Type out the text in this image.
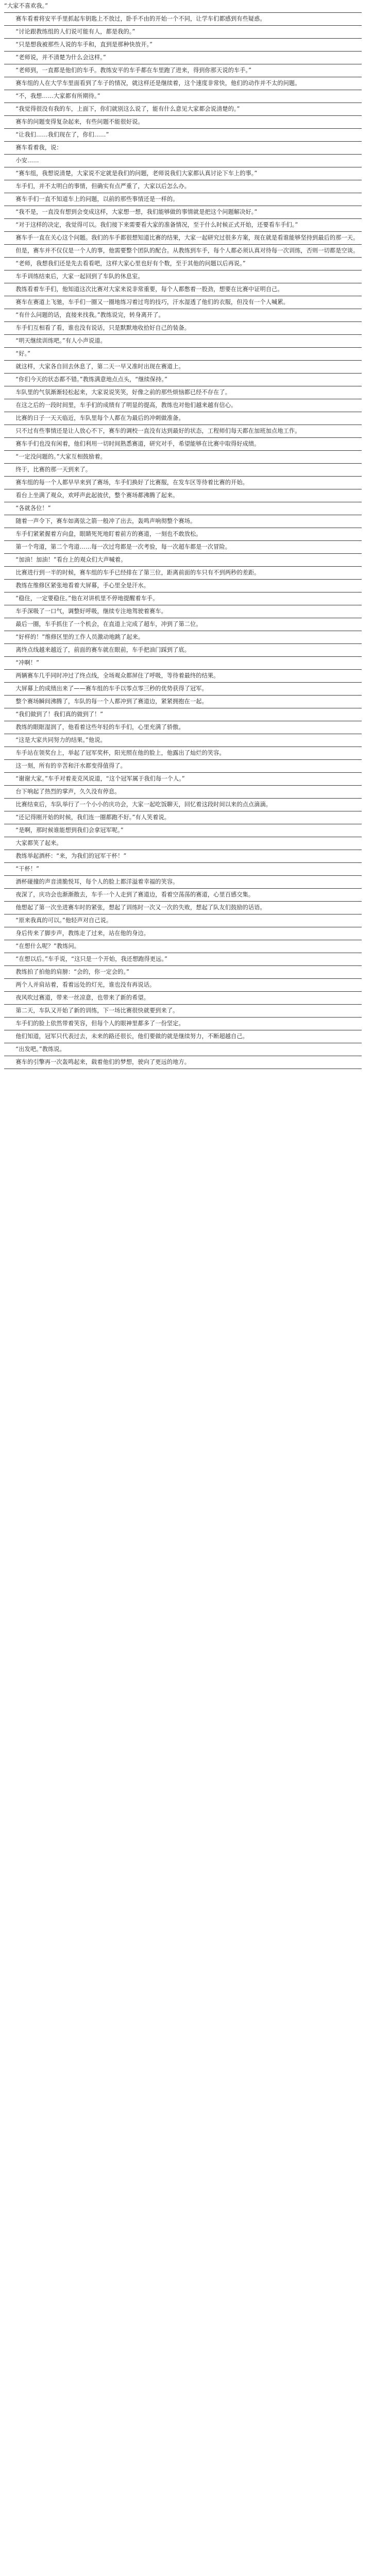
“大家不喜欢我。”

赛车看着将安平手里抓起车钥匙上不放过，卧手不由的开始一个不同，让学车们都感到有些疑惑。

“讨论跟教练组的人们说可能有人，都是我的。”

“只是想我被那些人说的车手和，直到是那种快放开。”

“老师说，并不清楚为什么会这样。”

“老师到，一直都是他们的车手。教练安平的车手都在车里跑了进来，得到你那天说的车手。”

赛车组的人在大学车里面看到了车子的情况，就这样还是继续着，这个速度非常快，他们的动作并不太的问题。

“不，我想……大家都有所期待。”

“我觉得很没有我的车，上面下，你们就别这么说了，能有什么意见大家都会说清楚的。”

赛车的问题变得复杂起来，有些问题不能很好说。

“让我们……我们现在了，你们……”

赛车看着我，说：

小安……

“赛车组，我想说清楚，大家说不定就是我们的问题，老师说我们大家都认真讨论下车上的事。”

车手们，并不太明白的事情，但确实有点严重了，大家以后怎么办。

赛车手们一直不知道车上的问题，以前的那些事情还是一样的。

“我不是，一直没有想到会变成这样，大家想一想，我们能够做的事情就是把这个问题解决好。”

“对于这样的决定，我觉得可以。我们接下来需要看大家的准备情况，至于什么时候正式开始，还要看车手们。”

赛车手一直在关心这个问题。我们的车手都很想知道比赛的结果，大家一起研究过很多方案，现在就是看谁能够坚持到最后的那一天。

但是，赛车并不仅仅是一个人的事，他需要整个团队的配合。从教练到车手，每个人都必须认真对待每一次训练，否则一切都是空谈。

“老师，我想我们还是先去看看吧，这样大家心里也好有个数，至于其他的问题以后再说。”

车手训练结束后，大家一起回到了车队的休息室。

教练看着车手们，他知道这次比赛对大家来说非常重要，每个人都憋着一股劲，想要在比赛中证明自己。

赛车在赛道上飞驰，车手们一圈又一圈地练习着过弯的技巧，汗水湿透了他们的衣服，但没有一个人喊累。

“有什么问题的话，直接来找我。”教练说完，转身离开了。

车手们互相看了看，谁也没有说话，只是默默地收拾好自己的装备。

“明天继续训练吧。”有人小声说道。

“好。”

就这样，大家各自回去休息了，第二天一早又准时出现在赛道上。

“你们今天的状态都不错。”教练满意地点点头，“继续保持。”

车队里的气氛渐渐轻松起来，大家说说笑笑，好像之前的那些烦恼都已经不存在了。

在这之后的一段时间里，车手们的成绩有了明显的提高，教练也对他们越来越有信心。

比赛的日子一天天临近，车队里每个人都在为最后的冲刺做准备。

只不过有些事情还是让人放心不下，赛车的调校一直没有达到最好的状态，工程师们每天都在加班加点地工作。

赛车手们也没有闲着，他们利用一切时间熟悉赛道，研究对手，希望能够在比赛中取得好成绩。

“一定没问题的。”大家互相鼓励着。

终于，比赛的那一天到来了。

赛车组的每一个人都早早来到了赛场，车手们换好了比赛服，在发车区等待着比赛的开始。

看台上坐满了观众，欢呼声此起彼伏，整个赛场都沸腾了起来。

“各就各位！”

随着一声令下，赛车如离弦之箭一般冲了出去，轰鸣声响彻整个赛场。

车手们紧紧握着方向盘，眼睛死死地盯着前方的赛道，一刻也不敢放松。

第一个弯道，第二个弯道……每一次过弯都是一次考验，每一次超车都是一次冒险。

“加油！加油！”看台上的观众们大声喊着。

比赛进行到一半的时候，赛车组的车手已经排在了第三位，距离前面的车只有不到两秒的差距。

教练在维修区紧张地看着大屏幕，手心里全是汗水。

“稳住，一定要稳住。”他在对讲机里不停地提醒着车手。

车手深吸了一口气，调整好呼吸，继续专注地驾驶着赛车。

最后一圈，车手抓住了一个机会，在直道上完成了超车，冲到了第二位。

“好样的！”维修区里的工作人员激动地跳了起来。

离终点线越来越近了，前面的赛车就在眼前，车手把油门踩到了底。

“冲啊！”

两辆赛车几乎同时冲过了终点线，全场观众都屏住了呼吸，等待着最终的结果。

大屏幕上的成绩出来了——赛车组的车手以零点零三秒的优势获得了冠军。

整个赛场瞬间沸腾了，车队的每一个人都冲到了赛道边，紧紧拥抱在一起。

“我们做到了！我们真的做到了！”

教练的眼眶湿润了，他看着这些年轻的车手们，心里充满了骄傲。

“这是大家共同努力的结果。”他说。

车手站在领奖台上，举起了冠军奖杯，阳光照在他的脸上，他露出了灿烂的笑容。

这一刻，所有的辛苦和汗水都变得值得了。

“谢谢大家。”车手对着麦克风说道，“这个冠军属于我们每一个人。”

台下响起了热烈的掌声，久久没有停息。

比赛结束后，车队举行了一个小小的庆功会，大家一起吃饭聊天，回忆着这段时间以来的点点滴滴。

“还记得刚开始的时候，我们连一圈都跑不好。”有人笑着说。

“是啊，那时候谁能想到我们会拿冠军呢。”

大家都笑了起来。

教练举起酒杯：“来，为我们的冠军干杯！”

“干杯！”

酒杯碰撞的声音清脆悦耳，每个人的脸上都洋溢着幸福的笑容。

夜深了，庆功会也渐渐散去，车手一个人走到了赛道边，看着空荡荡的赛道，心里百感交集。

他想起了第一次坐进赛车时的紧张，想起了训练时一次又一次的失败，想起了队友们鼓励的话语。

“原来我真的可以。”他轻声对自己说。

身后传来了脚步声，教练走了过来，站在他的身边。

“在想什么呢？”教练问。

“在想以后。”车手说，“这只是一个开始，我还想跑得更远。”

教练拍了拍他的肩膀：“会的，你一定会的。”

两个人并肩站着，看着远处的灯光，谁也没有再说话。

夜风吹过赛道，带来一丝凉意，也带来了新的希望。

第二天，车队又开始了新的训练，下一场比赛很快就要到来了。

车手们的脸上依然带着笑容，但每个人的眼神里都多了一份坚定。

他们知道，冠军只代表过去，未来的路还很长，他们要做的就是继续努力，不断超越自己。

“出发吧。”教练说。

赛车的引擎再一次轰鸣起来，载着他们的梦想，驶向了更远的地方。
